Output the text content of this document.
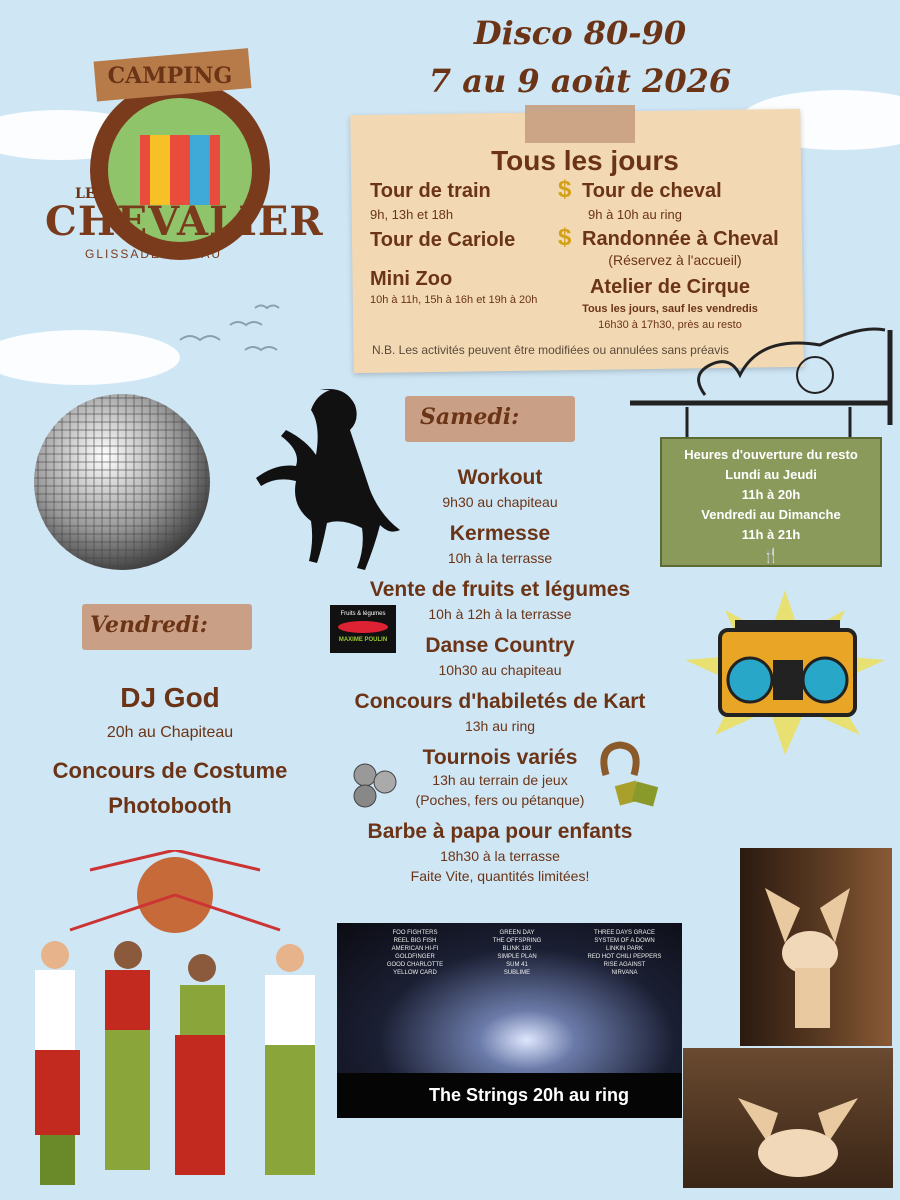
CAMPING
LE
CHEVALIER
GLISSADES D'EAU
Disco 80-90
7 au 9 août 2026
Tous les jours
Tour de train
9h, 13h et 18h
Tour de Cariole
Mini Zoo
10h à 11h, 15h à 16h et 19h à 20h
$ Tour de cheval
9h à 10h au ring
$ Randonnée à Cheval
(Réservez à l'accueil)
Atelier de Cirque
Tous les jours, sauf les vendredis
16h30 à 17h30, près au resto
N.B. Les activités peuvent être modifiées ou annulées sans préavis
Samedi:
Heures d'ouverture du resto
Lundi au Jeudi
11h à 20h
Vendredi au Dimanche
11h à 21h
🍴
Workout
9h30 au chapiteau
Kermesse
10h à la terrasse
Vente de fruits et légumes
10h à 12h à la terrasse
Danse Country
10h30 au chapiteau
Concours d'habiletés de Kart
13h au ring
Tournois variés
13h au terrain de jeux
(Poches, fers ou pétanque)
Barbe à papa pour enfants
18h30 à la terrasse
Faite Vite, quantités limitées!
Fruits & légumes
MAXIME POULIN
Vendredi:
DJ God
20h au Chapiteau
Concours de Costume
Photobooth
FOO FIGHTERS
REEL BIG FISH
AMERICAN HI-FI
GOLDFINGER
GOOD CHARLOTTE
YELLOW CARD
GREEN DAY
THE OFFSPRING
BLINK 182
SIMPLE PLAN
SUM 41
SUBLIME
THREE DAYS GRACE
SYSTEM OF A DOWN
LINKIN PARK
RED HOT CHILI PEPPERS
RISE AGAINST
NIRVANA
The Strings 20h au ring
